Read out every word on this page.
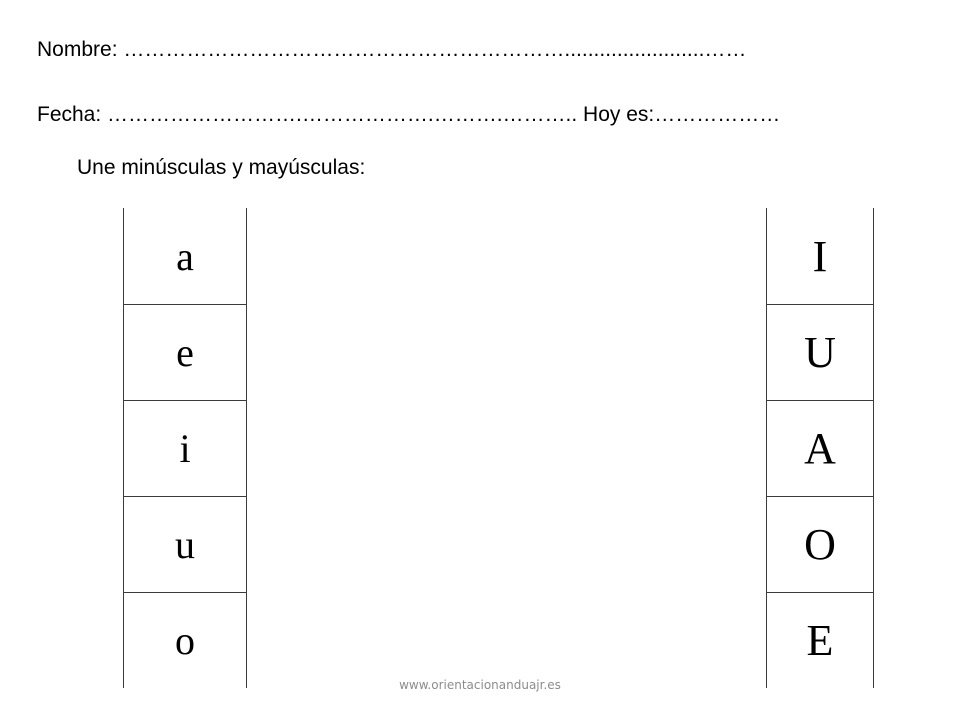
Nombre: ………………………………………………………........................……
Fecha: ……………………….……………….……….……….. Hoy es:………………
Une minúsculas y mayúsculas:
a
e
i
u
o
I
U
A
O
E
www.orientacionanduajr.es
